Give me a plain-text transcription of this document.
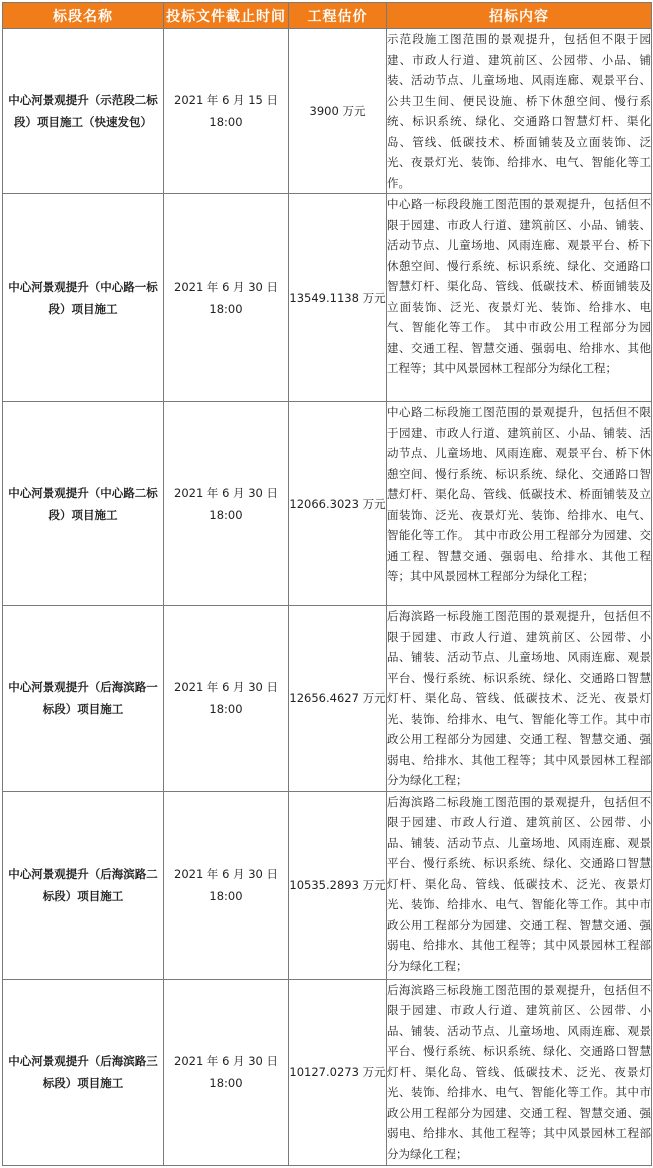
标段名称	投标文件截止时间	工程估价	招标内容
中心河景观提升（示范段二标段）项目施工（快速发包）	2021 年 6 月 15 日 18:00	3900 万元	示范段施工图范围的景观提升，包括但不限于园建、市政人行道、建筑前区、公园带、小品、铺装、活动节点、儿童场地、风雨连廊、观景平台、公共卫生间、便民设施、桥下休憩空间、慢行系统、标识系统、绿化、交通路口智慧灯杆、渠化岛、管线、低碳技术、桥面铺装及立面装饰、泛光、夜景灯光、装饰、给排水、电气、智能化等工作。
中心河景观提升（中心路一标段）项目施工	2021 年 6 月 30 日 18:00	13549.1138 万元	中心路一标段段施工图范围的景观提升，包括但不限于园建、市政人行道、建筑前区、小品、铺装、活动节点、儿童场地、风雨连廊、观景平台、桥下休憩空间、慢行系统、标识系统、绿化、交通路口智慧灯杆、渠化岛、管线、低碳技术、桥面铺装及立面装饰、泛光、夜景灯光、装饰、给排水、电气、智能化等工作。 其中市政公用工程部分为园建、交通工程、智慧交通、强弱电、给排水、其他工程等；其中风景园林工程部分为绿化工程；
中心河景观提升（中心路二标段）项目施工	2021 年 6 月 30 日 18:00	12066.3023 万元	中心路二标段施工图范围的景观提升，包括但不限于园建、市政人行道、建筑前区、小品、铺装、活动节点、儿童场地、风雨连廊、观景平台、桥下休憩空间、慢行系统、标识系统、绿化、交通路口智慧灯杆、渠化岛、管线、低碳技术、桥面铺装及立面装饰、泛光、夜景灯光、装饰、给排水、电气、智能化等工作。 其中市政公用工程部分为园建、交通工程、智慧交通、强弱电、给排水、其他工程等；其中风景园林工程部分为绿化工程；
中心河景观提升（后海滨路一标段）项目施工	2021 年 6 月 30 日 18:00	12656.4627 万元	后海滨路一标段施工图范围的景观提升，包括但不限于园建、市政人行道、建筑前区、公园带、小品、铺装、活动节点、儿童场地、风雨连廊、观景平台、慢行系统、标识系统、绿化、交通路口智慧灯杆、渠化岛、管线、低碳技术、泛光、夜景灯光、装饰、给排水、电气、智能化等工作。其中市政公用工程部分为园建、交通工程、智慧交通、强弱电、给排水、其他工程等；其中风景园林工程部分为绿化工程；
中心河景观提升（后海滨路二标段）项目施工	2021 年 6 月 30 日 18:00	10535.2893 万元	后海滨路二标段施工图范围的景观提升，包括但不限于园建、市政人行道、建筑前区、公园带、小品、铺装、活动节点、儿童场地、风雨连廊、观景平台、慢行系统、标识系统、绿化、交通路口智慧灯杆、渠化岛、管线、低碳技术、泛光、夜景灯光、装饰、给排水、电气、智能化等工作。其中市政公用工程部分为园建、交通工程、智慧交通、强弱电、给排水、其他工程等；其中风景园林工程部分为绿化工程；
中心河景观提升（后海滨路三标段）项目施工	2021 年 6 月 30 日 18:00	10127.0273 万元	后海滨路三标段施工图范围的景观提升，包括但不限于园建、市政人行道、建筑前区、公园带、小品、铺装、活动节点、儿童场地、风雨连廊、观景平台、慢行系统、标识系统、绿化、交通路口智慧灯杆、渠化岛、管线、低碳技术、泛光、夜景灯光、装饰、给排水、电气、智能化等工作。其中市政公用工程部分为园建、交通工程、智慧交通、强弱电、给排水、其他工程等；其中风景园林工程部分为绿化工程；
